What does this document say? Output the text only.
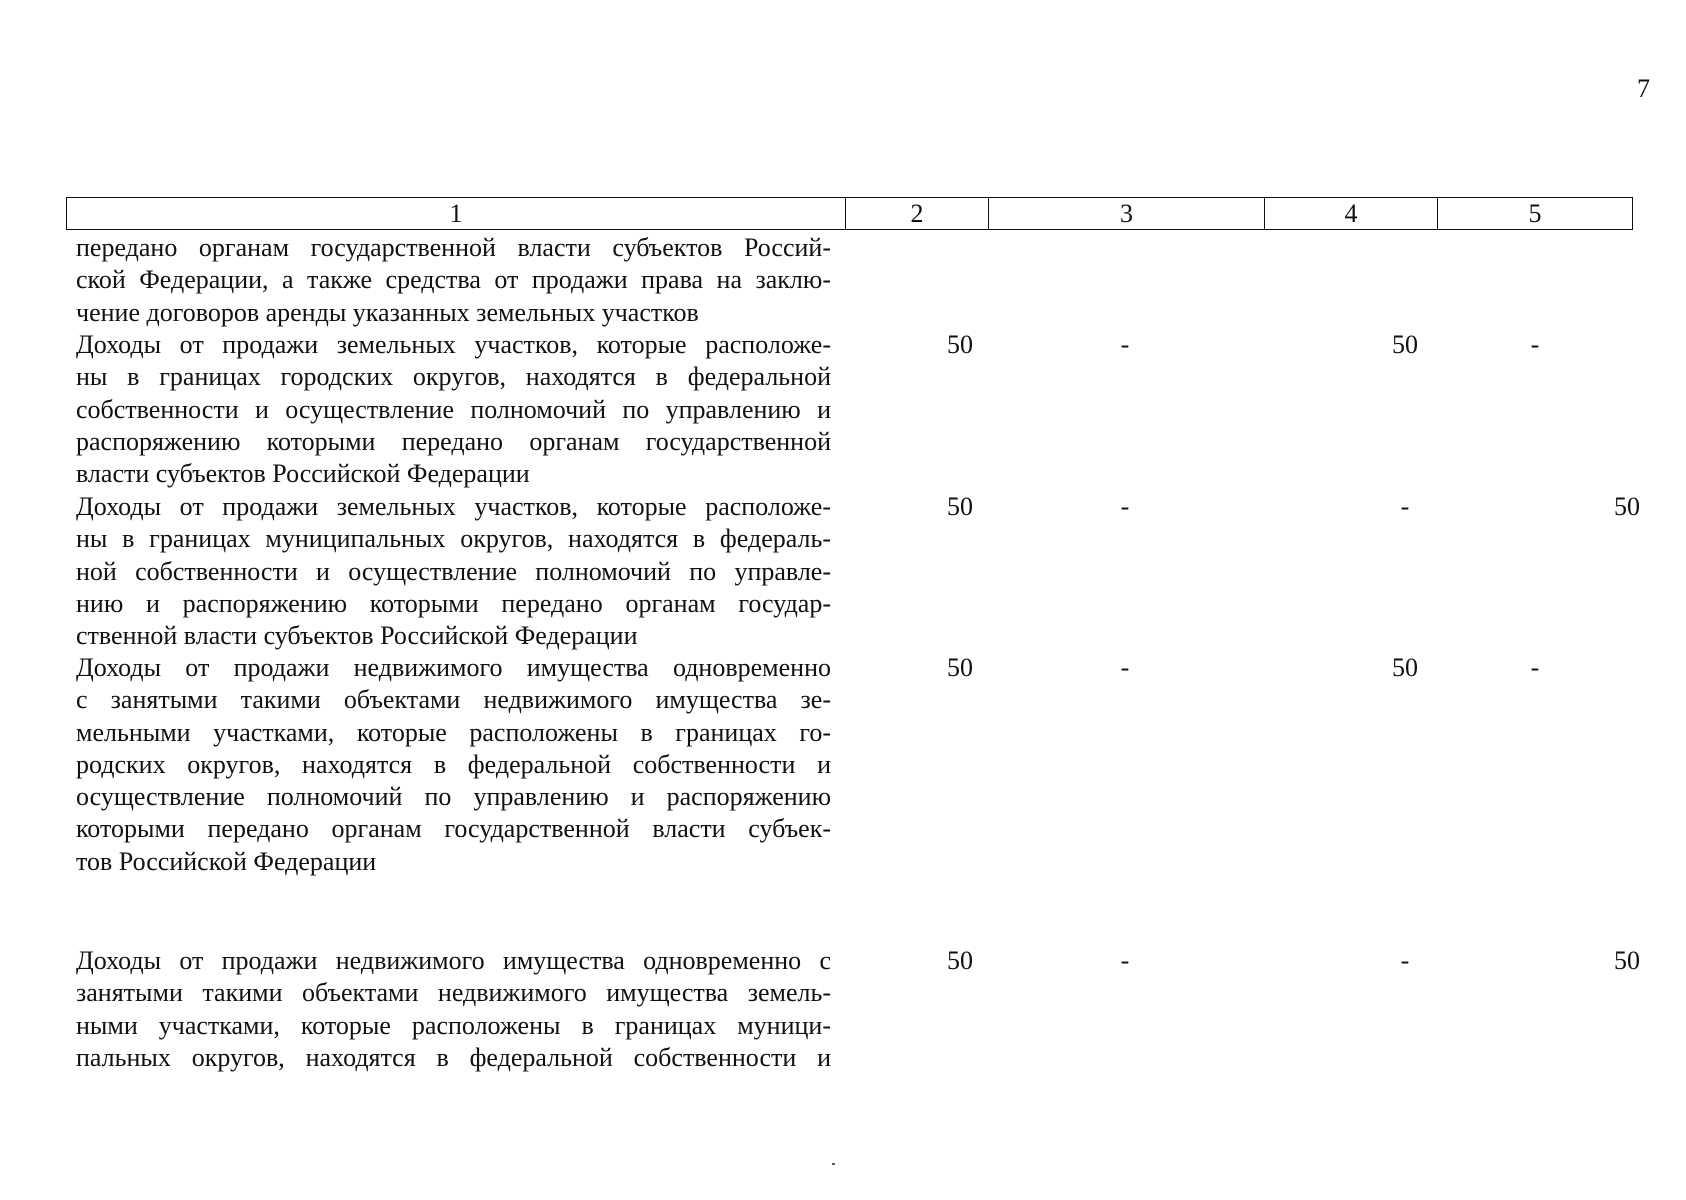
7
1	2	3	4	5
передано органам государственной власти субъектов Россий-
ской Федерации, а также средства от продажи права на заклю-
чение договоров аренды указанных земельных участков
Доходы от продажи земельных участков, которые расположе-
ны в границах городских округов, находятся в федеральной
собственности и осуществление полномочий по управлению и
распоряжению которыми передано органам государственной
власти субъектов Российской Федерации
50	-	50	-
Доходы от продажи земельных участков, которые расположе-
ны в границах муниципальных округов, находятся в федераль-
ной собственности и осуществление полномочий по управле-
нию и распоряжению которыми передано органам государ-
ственной власти субъектов Российской Федерации
50	-	-	50
Доходы от продажи недвижимого имущества одновременно
с занятыми такими объектами недвижимого имущества зе-
мельными участками, которые расположены в границах го-
родских округов, находятся в федеральной собственности и
осуществление полномочий по управлению и распоряжению
которыми передано органам государственной власти субъек-
тов Российской Федерации
50	-	50	-
Доходы от продажи недвижимого имущества одновременно с
занятыми такими объектами недвижимого имущества земель-
ными участками, которые расположены в границах муници-
пальных округов, находятся в федеральной собственности и
50	-	-	50
